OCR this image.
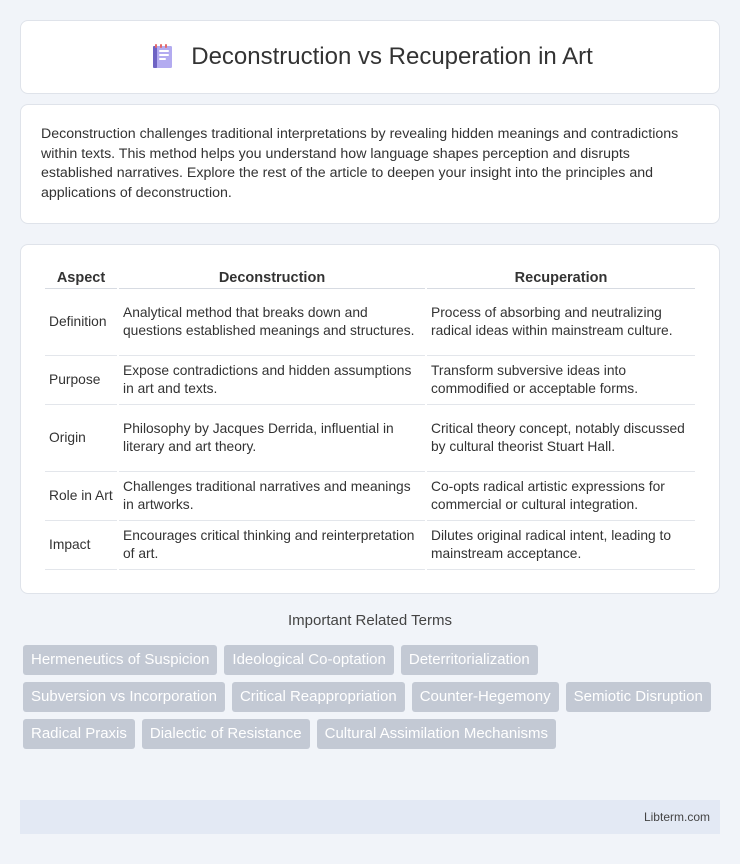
Deconstruction vs Recuperation in Art

Deconstruction challenges traditional interpretations by revealing hidden meanings and contradictions within texts. This method helps you understand how language shapes perception and disrupts established narratives. Explore the rest of the article to deepen your insight into the principles and applications of deconstruction.

Aspect	Deconstruction	Recuperation
Definition	Analytical method that breaks down and questions established meanings and structures.	Process of absorbing and neutralizing radical ideas within mainstream culture.
Purpose	Expose contradictions and hidden assumptions in art and texts.	Transform subversive ideas into commodified or acceptable forms.
Origin	Philosophy by Jacques Derrida, influential in literary and art theory.	Critical theory concept, notably discussed by cultural theorist Stuart Hall.
Role in Art	Challenges traditional narratives and meanings in artworks.	Co-opts radical artistic expressions for commercial or cultural integration.
Impact	Encourages critical thinking and reinterpretation of art.	Dilutes original radical intent, leading to mainstream acceptance.
Important Related Terms
Hermeneutics of Suspicion	Ideological Co-optation	Deterritorialization
Subversion vs Incorporation	Critical Reappropriation	Counter-Hegemony	Semiotic Disruption
Radical Praxis	Dialectic of Resistance	Cultural Assimilation Mechanisms
Libterm.com
